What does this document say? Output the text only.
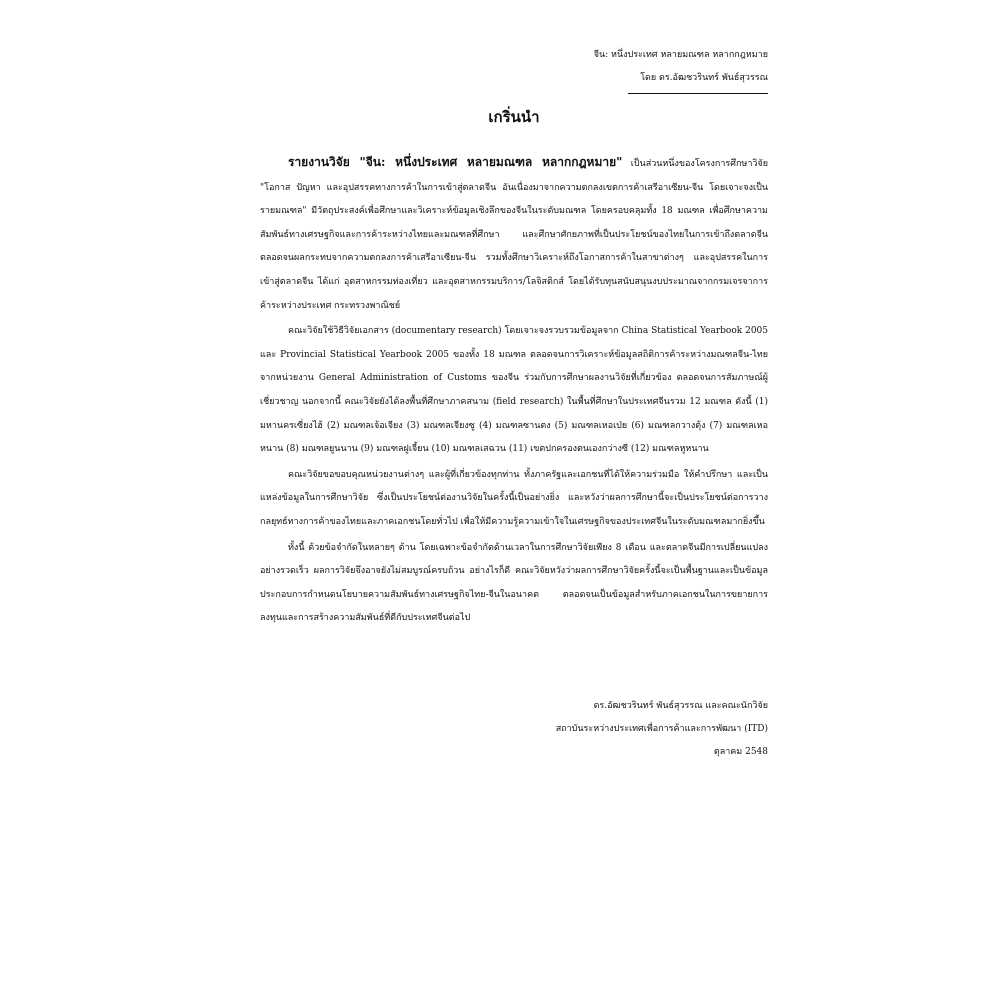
จีน: หนึ่งประเทศ หลายมณฑล หลากกฎหมาย
โดย ดร.อัฒชวรินทร์ พันธ์สุวรรณ
เกริ่นนำ

รายงานวิจัย "จีน: หนึ่งประเทศ หลายมณฑล หลากกฎหมาย" เป็นส่วนหนึ่งของโครงการศึกษาวิจัย "โอกาส ปัญหา และอุปสรรคทางการค้าในการเข้าสู่ตลาดจีน อันเนื่องมาจากความตกลงเขตการค้าเสรีอาเซียน-จีน โดยเจาะจงเป็นรายมณฑล" มีวัตถุประสงค์เพื่อศึกษาและวิเคราะห์ข้อมูลเชิงลึกของจีนในระดับมณฑล โดยครอบคลุมทั้ง 18 มณฑล เพื่อศึกษาความสัมพันธ์ทางเศรษฐกิจและการค้าระหว่างไทยและมณฑลที่ศึกษา และศึกษาศักยภาพที่เป็นประโยชน์ของไทยในการเข้าถึงตลาดจีน ตลอดจนผลกระทบจากความตกลงการค้าเสรีอาเซียน-จีน รวมทั้งศึกษาวิเคราะห์ถึงโอกาสการค้าในสาขาต่างๆ และอุปสรรคในการเข้าสู่ตลาดจีน ได้แก่ อุตสาหกรรมท่องเที่ยว และอุตสาหกรรมบริการ/โลจิสติกส์ โดยได้รับทุนสนับสนุนงบประมาณจากกรมเจรจาการค้าระหว่างประเทศ กระทรวงพาณิชย์

คณะวิจัยใช้วิธีวิจัยเอกสาร (documentary research) โดยเจาะจงรวบรวมข้อมูลจาก China Statistical Yearbook 2005 และ Provincial Statistical Yearbook 2005 ของทั้ง 18 มณฑล ตลอดจนการวิเคราะห์ข้อมูลสถิติการค้าระหว่างมณฑลจีน-ไทยจากหน่วยงาน General Administration of Customs ของจีน ร่วมกับการศึกษาผลงานวิจัยที่เกี่ยวข้อง ตลอดจนการสัมภาษณ์ผู้เชี่ยวชาญ นอกจากนี้ คณะวิจัยยังได้ลงพื้นที่ศึกษาภาคสนาม (field research) ในพื้นที่ศึกษาในประเทศจีนรวม 12 มณฑล ดังนี้ (1) มหานครเซี่ยงไฮ้ (2) มณฑลเจ้อเจียง (3) มณฑลเจียงซู (4) มณฑลซานตง (5) มณฑลเหอเป่ย (6) มณฑลกวางตุ้ง (7) มณฑลเหอหนาน (8) มณฑลยูนนาน (9) มณฑลฝูเจี้ยน (10) มณฑลเสฉวน (11) เขตปกครองตนเองกว่างซี (12) มณฑลหูหนาน

คณะวิจัยขอขอบคุณหน่วยงานต่างๆ และผู้ที่เกี่ยวข้องทุกท่าน ทั้งภาครัฐและเอกชนที่ได้ให้ความร่วมมือ ให้คำปรึกษา และเป็นแหล่งข้อมูลในการศึกษาวิจัย ซึ่งเป็นประโยชน์ต่องานวิจัยในครั้งนี้เป็นอย่างยิ่ง และหวังว่าผลการศึกษานี้จะเป็นประโยชน์ต่อการวางกลยุทธ์ทางการค้าของไทยและภาคเอกชนโดยทั่วไป เพื่อให้มีความรู้ความเข้าใจในเศรษฐกิจของประเทศจีนในระดับมณฑลมากยิ่งขึ้น

ทั้งนี้ ด้วยข้อจำกัดในหลายๆ ด้าน โดยเฉพาะข้อจำกัดด้านเวลาในการศึกษาวิจัยเพียง 8 เดือน และตลาดจีนมีการเปลี่ยนแปลงอย่างรวดเร็ว ผลการวิจัยจึงอาจยังไม่สมบูรณ์ครบถ้วน อย่างไรก็ดี คณะวิจัยหวังว่าผลการศึกษาวิจัยครั้งนี้จะเป็นพื้นฐานและเป็นข้อมูลประกอบการกำหนดนโยบายความสัมพันธ์ทางเศรษฐกิจไทย-จีนในอนาคต ตลอดจนเป็นข้อมูลสำหรับภาคเอกชนในการขยายการลงทุนและการสร้างความสัมพันธ์ที่ดีกับประเทศจีนต่อไป

ดร.อัฒชวรินทร์ พันธ์สุวรรณ และคณะนักวิจัย
สถาบันระหว่างประเทศเพื่อการค้าและการพัฒนา (ITD)
ตุลาคม 2548
